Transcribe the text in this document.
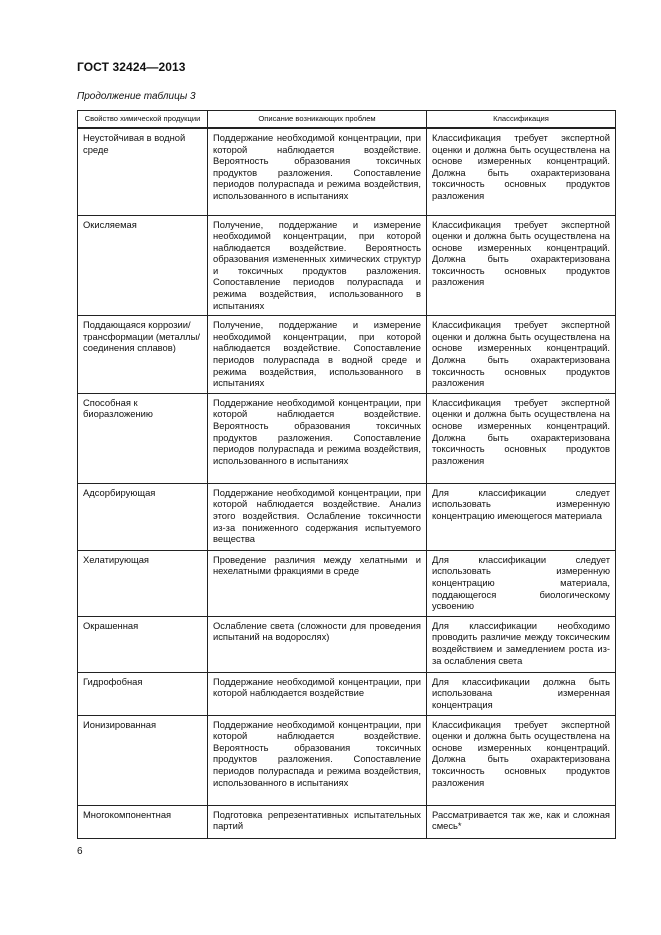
ГОСТ 32424—2013
Продолжение таблицы 3
Свойство химической продукции	Описание возникающих проблем	Классификация
Неустойчивая в водной среде	Поддержание необходимой концентрации, при которой наблюдается воздействие. Вероятность образования токсичных продуктов разложения. Сопоставление периодов полураспада и режима воздействия, использованного в испытаниях	Классификация требует экспертной оценки и должна быть осуществлена на основе измеренных концентраций. Должна быть охарактеризована токсичность основных продуктов разложения
Окисляемая	Получение, поддержание и измерение необходимой концентрации, при которой наблюдается воздействие. Вероятность образования измененных химических структур и токсичных продуктов разложения. Сопоставление периодов полураспада и режима воздействия, использованного в испытаниях	Классификация требует экспертной оценки и должна быть осуществлена на основе измеренных концентраций. Должна быть охарактеризована токсичность основных продуктов разложения
Поддающаяся коррозии/трансформации (металлы/соединения сплавов)	Получение, поддержание и измерение необходимой концентрации, при которой наблюдается воздействие. Сопоставление периодов полураспада в водной среде и режима воздействия, использованного в испытаниях	Классификация требует экспертной оценки и должна быть осуществлена на основе измеренных концентраций. Должна быть охарактеризована токсичность основных продуктов разложения
Способная к биоразложению	Поддержание необходимой концентрации, при которой наблюдается воздействие. Вероятность образования токсичных продуктов разложения. Сопоставление периодов полураспада и режима воздействия, использованного в испытаниях	Классификация требует экспертной оценки и должна быть осуществлена на основе измеренных концентраций. Должна быть охарактеризована токсичность основных продуктов разложения
Адсорбирующая	Поддержание необходимой концентрации, при которой наблюдается воздействие. Анализ этого воздействия. Ослабление токсичности из-за пониженного содержания испытуемого вещества	Для классификации следует использовать измеренную концентрацию имеющегося материала
Хелатирующая	Проведение различия между хелатными и нехелатными фракциями в среде	Для классификации следует использовать измеренную концентрацию материала, поддающегося биологическому усвоению
Окрашенная	Ослабление света (сложности для проведения испытаний на водорослях)	Для классификации необходимо проводить различие между токсическим воздействием и замедлением роста из-за ослабления света
Гидрофобная	Поддержание необходимой концентрации, при которой наблюдается воздействие	Для классификации должна быть использована измеренная концентрация
Ионизированная	Поддержание необходимой концентрации, при которой наблюдается воздействие. Вероятность образования токсичных продуктов разложения. Сопоставление периодов полураспада и режима воздействия, использованного в испытаниях	Классификация требует экспертной оценки и должна быть осуществлена на основе измеренных концентраций. Должна быть охарактеризована токсичность основных продуктов разложения
Многокомпонентная	Подготовка репрезентативных испытательных партий	Рассматривается так же, как и сложная смесь*
6
